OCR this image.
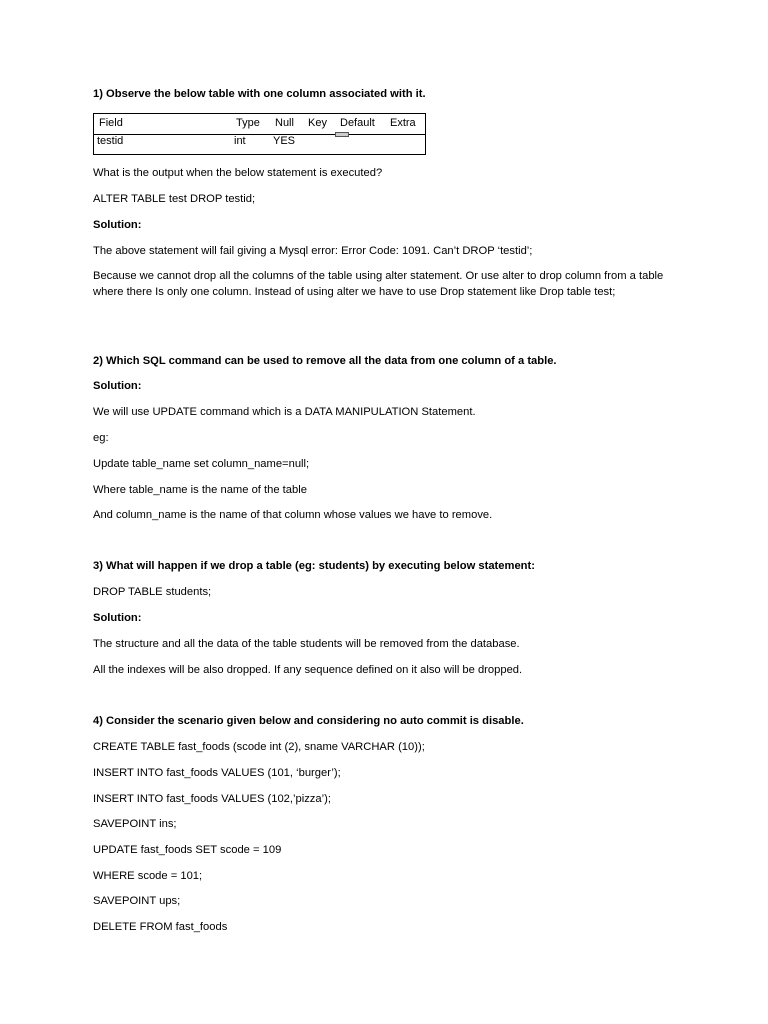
1) Observe the below table with one column associated with it.
Field	Type Null Key Default Extra
testid	int YES
What is the output when the below statement is executed?
ALTER TABLE test DROP testid;
Solution:
The above statement will fail giving a Mysql error: Error Code: 1091. Can’t DROP ‘testid’;
Because we cannot drop all the columns of the table using alter statement. Or use alter to drop column from a table where there Is only one column. Instead of using alter we have to use Drop statement like Drop table test;
2) Which SQL command can be used to remove all the data from one column of a table.
Solution:
We will use UPDATE command which is a DATA MANIPULATION Statement.
eg:
Update table_name set column_name=null;
Where table_name is the name of the table
And column_name is the name of that column whose values we have to remove.
3) What will happen if we drop a table (eg: students) by executing below statement:
DROP TABLE students;
Solution:
The structure and all the data of the table students will be removed from the database.
All the indexes will be also dropped. If any sequence defined on it also will be dropped.
4) Consider the scenario given below and considering no auto commit is disable.
CREATE TABLE fast_foods (scode int (2), sname VARCHAR (10));
INSERT INTO fast_foods VALUES (101, ‘burger’);
INSERT INTO fast_foods VALUES (102,’pizza’);
SAVEPOINT ins;
UPDATE fast_foods SET scode = 109
WHERE scode = 101;
SAVEPOINT ups;
DELETE FROM fast_foods
